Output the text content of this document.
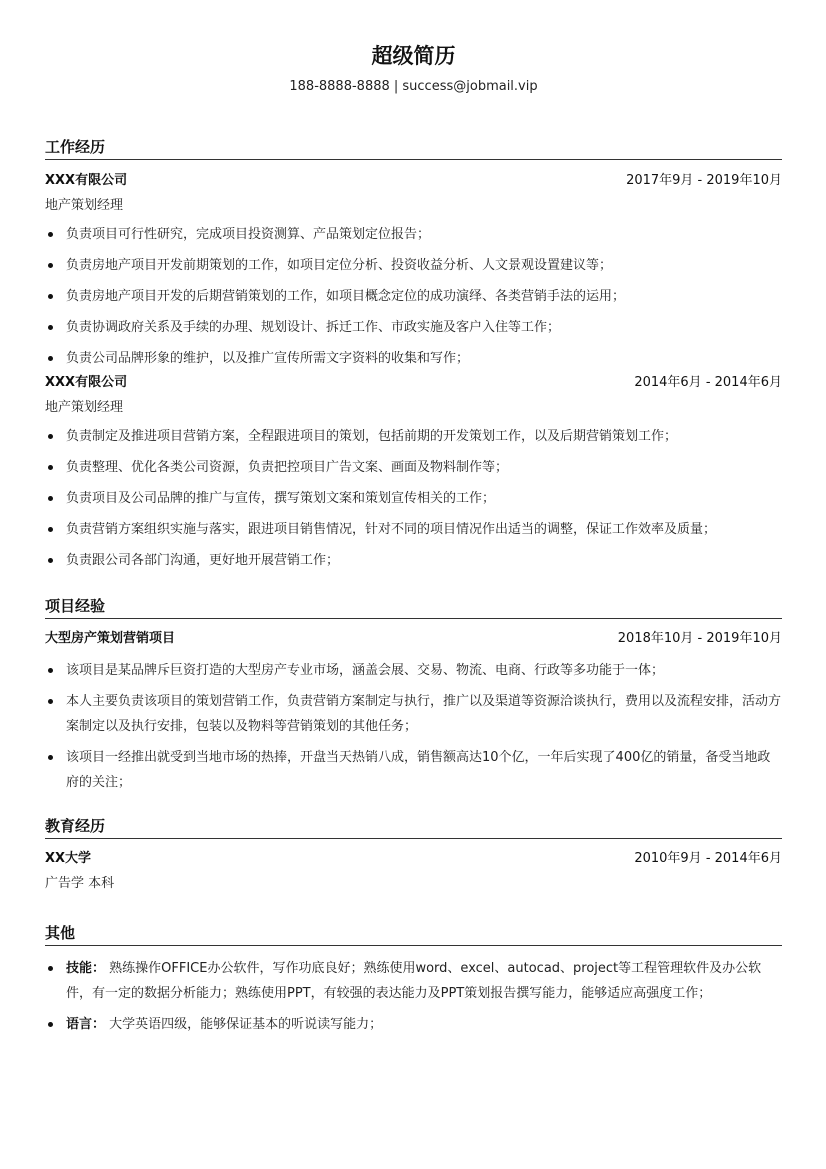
超级简历
188-8888-8888 | success@jobmail.vip
工作经历
XXX有限公司	2017年9月 - 2019年10月
地产策划经理
负责项目可行性研究，完成项目投资测算、产品策划定位报告；
负责房地产项目开发前期策划的工作，如项目定位分析、投资收益分析、人文景观设置建议等；
负责房地产项目开发的后期营销策划的工作，如项目概念定位的成功演绎、各类营销手法的运用；
负责协调政府关系及手续的办理、规划设计、拆迁工作、市政实施及客户入住等工作；
负责公司品牌形象的维护，以及推广宣传所需文字资料的收集和写作；
XXX有限公司	2014年6月 - 2014年6月
地产策划经理
负责制定及推进项目营销方案，全程跟进项目的策划，包括前期的开发策划工作，以及后期营销策划工作；
负责整理、优化各类公司资源，负责把控项目广告文案、画面及物料制作等；
负责项目及公司品牌的推广与宣传，撰写策划文案和策划宣传相关的工作；
负责营销方案组织实施与落实，跟进项目销售情况，针对不同的项目情况作出适当的调整，保证工作效率及质量；
负责跟公司各部门沟通，更好地开展营销工作；
项目经验
大型房产策划营销项目	2018年10月 - 2019年10月
该项目是某品牌斥巨资打造的大型房产专业市场，涵盖会展、交易、物流、电商、行政等多功能于一体；
本人主要负责该项目的策划营销工作，负责营销方案制定与执行，推广以及渠道等资源洽谈执行，费用以及流程安排，活动方案制定以及执行安排，包装以及物料等营销策划的其他任务；
该项目一经推出就受到当地市场的热捧，开盘当天热销八成，销售额高达10个亿，一年后实现了400亿的销量，备受当地政府的关注；
教育经历
XX大学	2010年9月 - 2014年6月
广告学 本科
其他
技能： 熟练操作OFFICE办公软件，写作功底良好；熟练使用word、excel、autocad、project等工程管理软件及办公软件，有一定的数据分析能力；熟练使用PPT，有较强的表达能力及PPT策划报告撰写能力，能够适应高强度工作；
语言： 大学英语四级，能够保证基本的听说读写能力；
